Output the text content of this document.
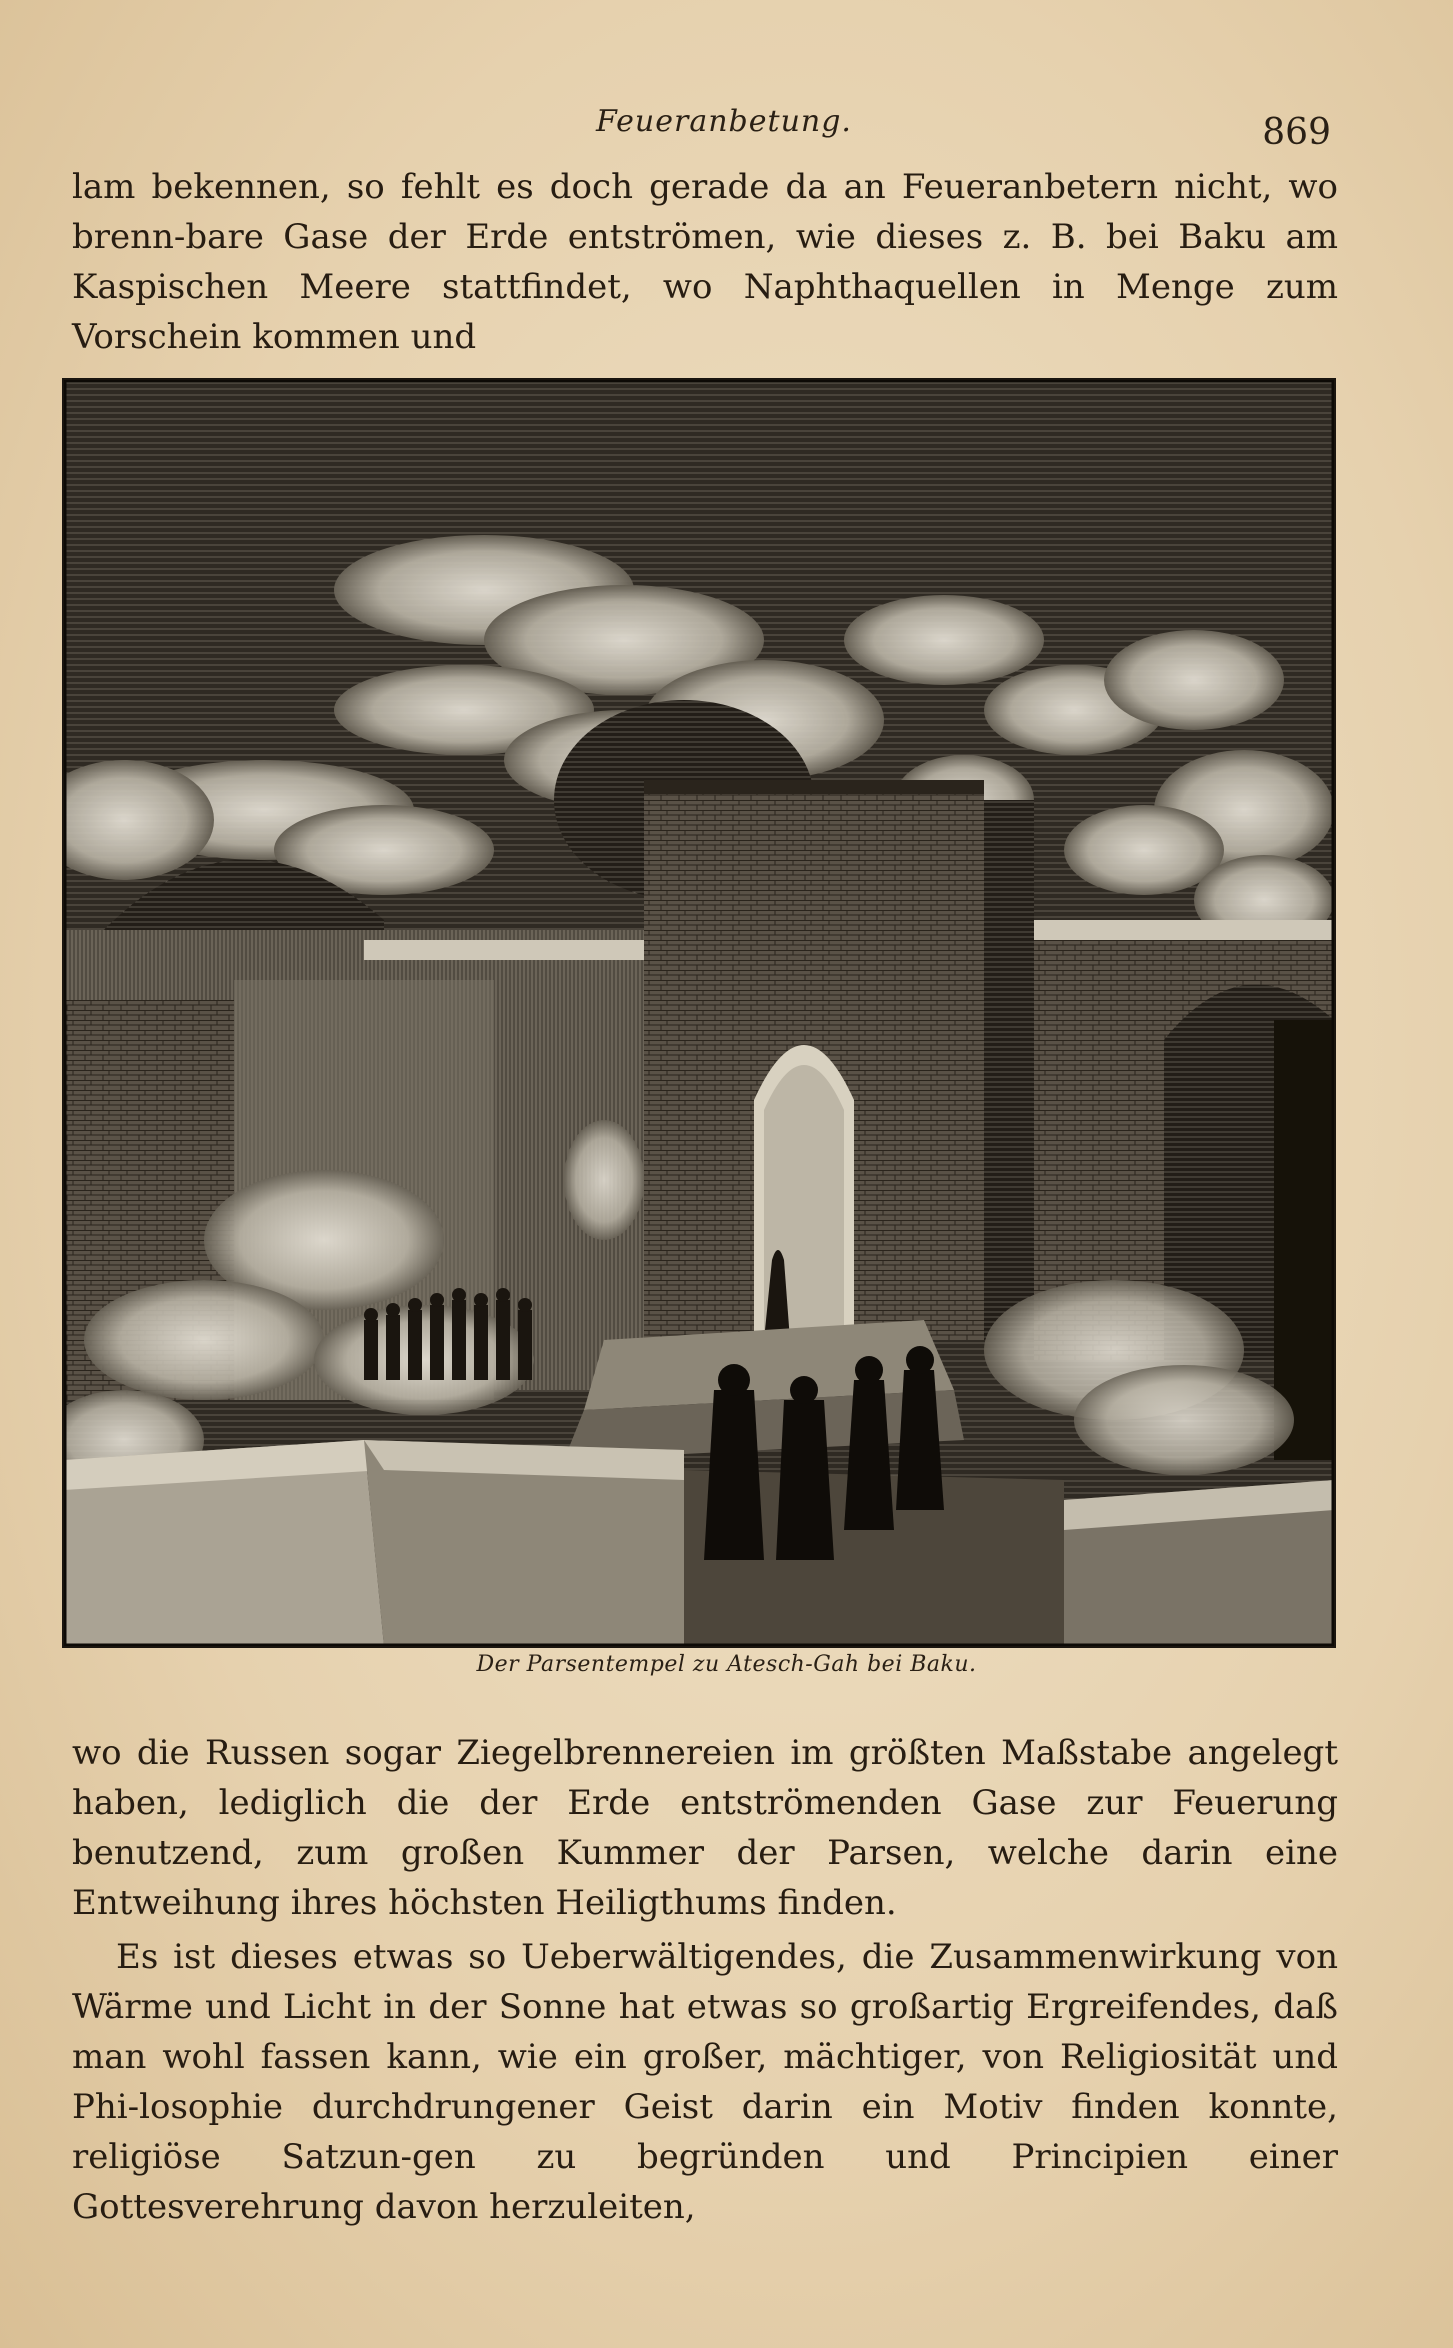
Feueranbetung.	869
lam bekennen, so fehlt es doch gerade da an Feueranbetern nicht, wo brenn-bare Gase der Erde entströmen, wie dieses z. B. bei Baku am Kaspischen Meere stattfindet, wo Naphthaquellen in Menge zum Vorschein kommen und
Der Parsentempel zu Atesch-Gah bei Baku.
wo die Russen sogar Ziegelbrennereien im größten Maßstabe angelegt haben, lediglich die der Erde entströmenden Gase zur Feuerung benutzend, zum großen Kummer der Parsen, welche darin eine Entweihung ihres höchsten Heiligthums finden.
Es ist dieses etwas so Ueberwältigendes, die Zusammenwirkung von Wärme und Licht in der Sonne hat etwas so großartig Ergreifendes, daß man wohl fassen kann, wie ein großer, mächtiger, von Religiosität und Phi-losophie durchdrungener Geist darin ein Motiv finden konnte, religiöse Satzun-gen zu begründen und Principien einer Gottesverehrung davon herzuleiten,
